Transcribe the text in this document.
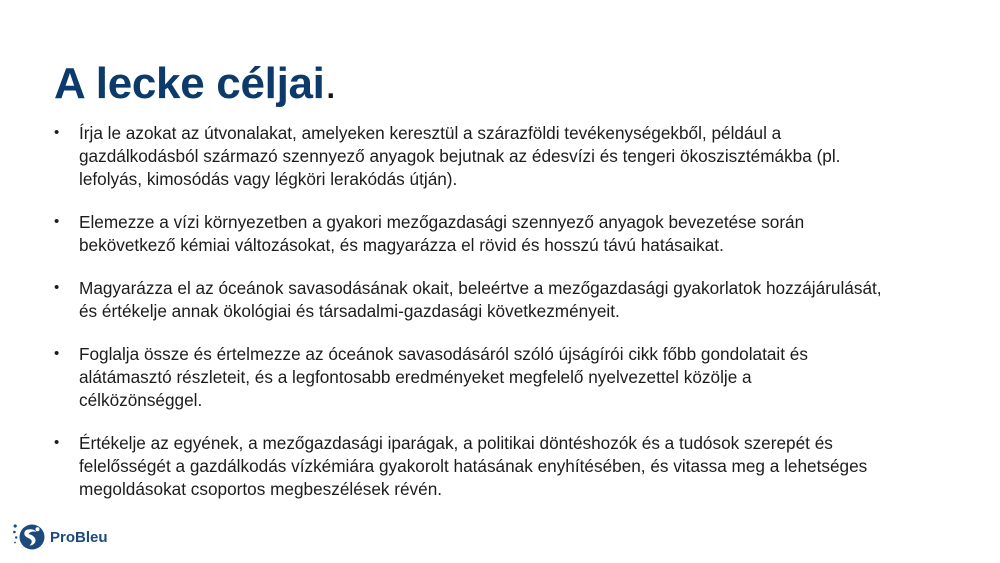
A lecke céljai.
•	Írja le azokat az útvonalakat, amelyeken keresztül a szárazföldi tevékenységekből, például a
gazdálkodásból származó szennyező anyagok bejutnak az édesvízi és tengeri ökoszisztémákba (pl.
lefolyás, kimosódás vagy légköri lerakódás útján).
•	Elemezze a vízi környezetben a gyakori mezőgazdasági szennyező anyagok bevezetése során
bekövetkező kémiai változásokat, és magyarázza el rövid és hosszú távú hatásaikat.
•	Magyarázza el az óceánok savasodásának okait, beleértve a mezőgazdasági gyakorlatok hozzájárulását,
és értékelje annak ökológiai és társadalmi-gazdasági következményeit.
•	Foglalja össze és értelmezze az óceánok savasodásáról szóló újságírói cikk főbb gondolatait és
alátámasztó részleteit, és a legfontosabb eredményeket megfelelő nyelvezettel közölje a
célközönséggel.
•	Értékelje az egyének, a mezőgazdasági iparágak, a politikai döntéshozók és a tudósok szerepét és
felelősségét a gazdálkodás vízkémiára gyakorolt hatásának enyhítésében, és vitassa meg a lehetséges
megoldásokat csoportos megbeszélések révén.
ProBleu
